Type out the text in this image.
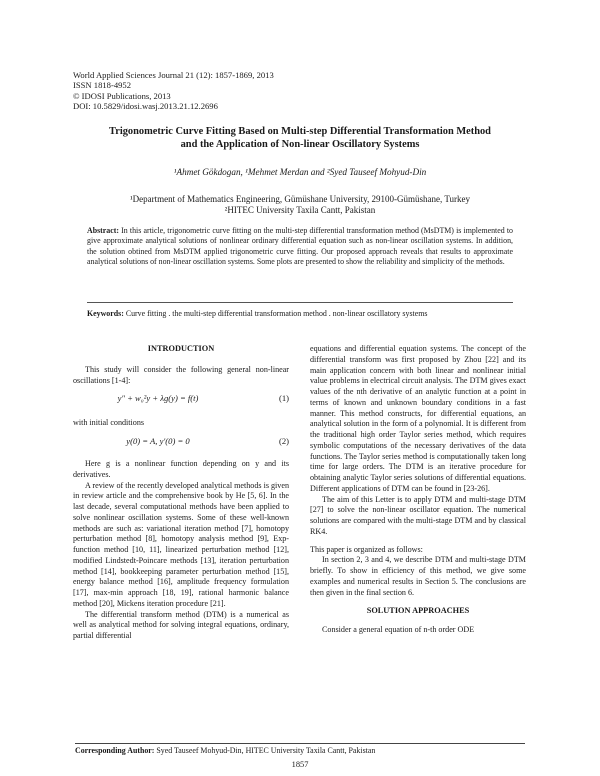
World Applied Sciences Journal 21 (12): 1857-1869, 2013
ISSN 1818-4952
© IDOSI Publications, 2013
DOI: 10.5829/idosi.wasj.2013.21.12.2696
Trigonometric Curve Fitting Based on Multi-step Differential Transformation Method
and the Application of Non-linear Oscillatory Systems
¹Ahmet Gökdogan, ¹Mehmet Merdan and ²Syed Tauseef Mohyud-Din
¹Department of Mathematics Engineering, Gümüshane University, 29100-Gümüshane, Turkey
²HITEC University Taxila Cantt, Pakistan
Abstract: In this article, trigonometric curve fitting on the multi-step differential transformation method (MsDTM) is implemented to give approximate analytical solutions of nonlinear ordinary differential equation such as non-linear oscillation systems. In addition, the solution obtined from MsDTM applied trigonometric curve fitting. Our proposed approach reveals that results to approximate analytical solutions of non-linear oscillation systems. Some plots are presented to show the reliability and simplicity of the methods.
Keywords: Curve fitting . the multi-step differential transformation method . non-linear oscillatory systems

INTRODUCTION

This study will consider the following general non-linear oscillations [1-4]:

y″ + w₀²y + λg(y) = f(t)	(1)

with initial conditions

y(0) = A, y′(0) = 0	(2)

Here g is a nonlinear function depending on y and its derivatives.

A review of the recently developed analytical methods is given in review article and the comprehensive book by He [5, 6]. In the last decade, several computational methods have been applied to solve nonlinear oscillation systems. Some of these well-known methods are such as: variational iteration method [7], homotopy perturbation method [8], homotopy analysis method [9], Exp-function method [10, 11], linearized perturbation method [12], modified Lindstedt-Poincare methods [13], iteration perturbation method [14], bookkeeping parameter perturbation method [15], energy balance method [16], amplitude frequency formulation [17], max-min approach [18, 19], rational harmonic balance method [20], Mickens iteration procedure [21].

The differential transform method (DTM) is a numerical as well as analytical method for solving integral equations, ordinary, partial differential

equations and differential equation systems. The concept of the differential transform was first proposed by Zhou [22] and its main application concern with both linear and nonlinear initial value problems in electrical circuit analysis. The DTM gives exact values of the nth derivative of an analytic function at a point in terms of known and unknown boundary conditions in a fast manner. This method constructs, for differential equations, an analytical solution in the form of a polynomial. It is different from the traditional high order Taylor series method, which requires symbolic computations of the necessary derivatives of the data functions. The Taylor series method is computationally taken long time for large orders. The DTM is an iterative procedure for obtaining analytic Taylor series solutions of differential equations. Different applications of DTM can be found in [23-26].

The aim of this Letter is to apply DTM and multi-stage DTM [27] to solve the non-linear oscillator equation. The numerical solutions are compared with the multi-stage DTM and by classical RK4.

This paper is organized as follows:

In section 2, 3 and 4, we describe DTM and multi-stage DTM briefly. To show in efficiency of this method, we give some examples and numerical results in Section 5. The conclusions are then given in the final section 6.

SOLUTION APPROACHES

Consider a general equation of n-th order ODE

Corresponding Author: Syed Tauseef Mohyud-Din, HITEC University Taxila Cantt, Pakistan
1857
